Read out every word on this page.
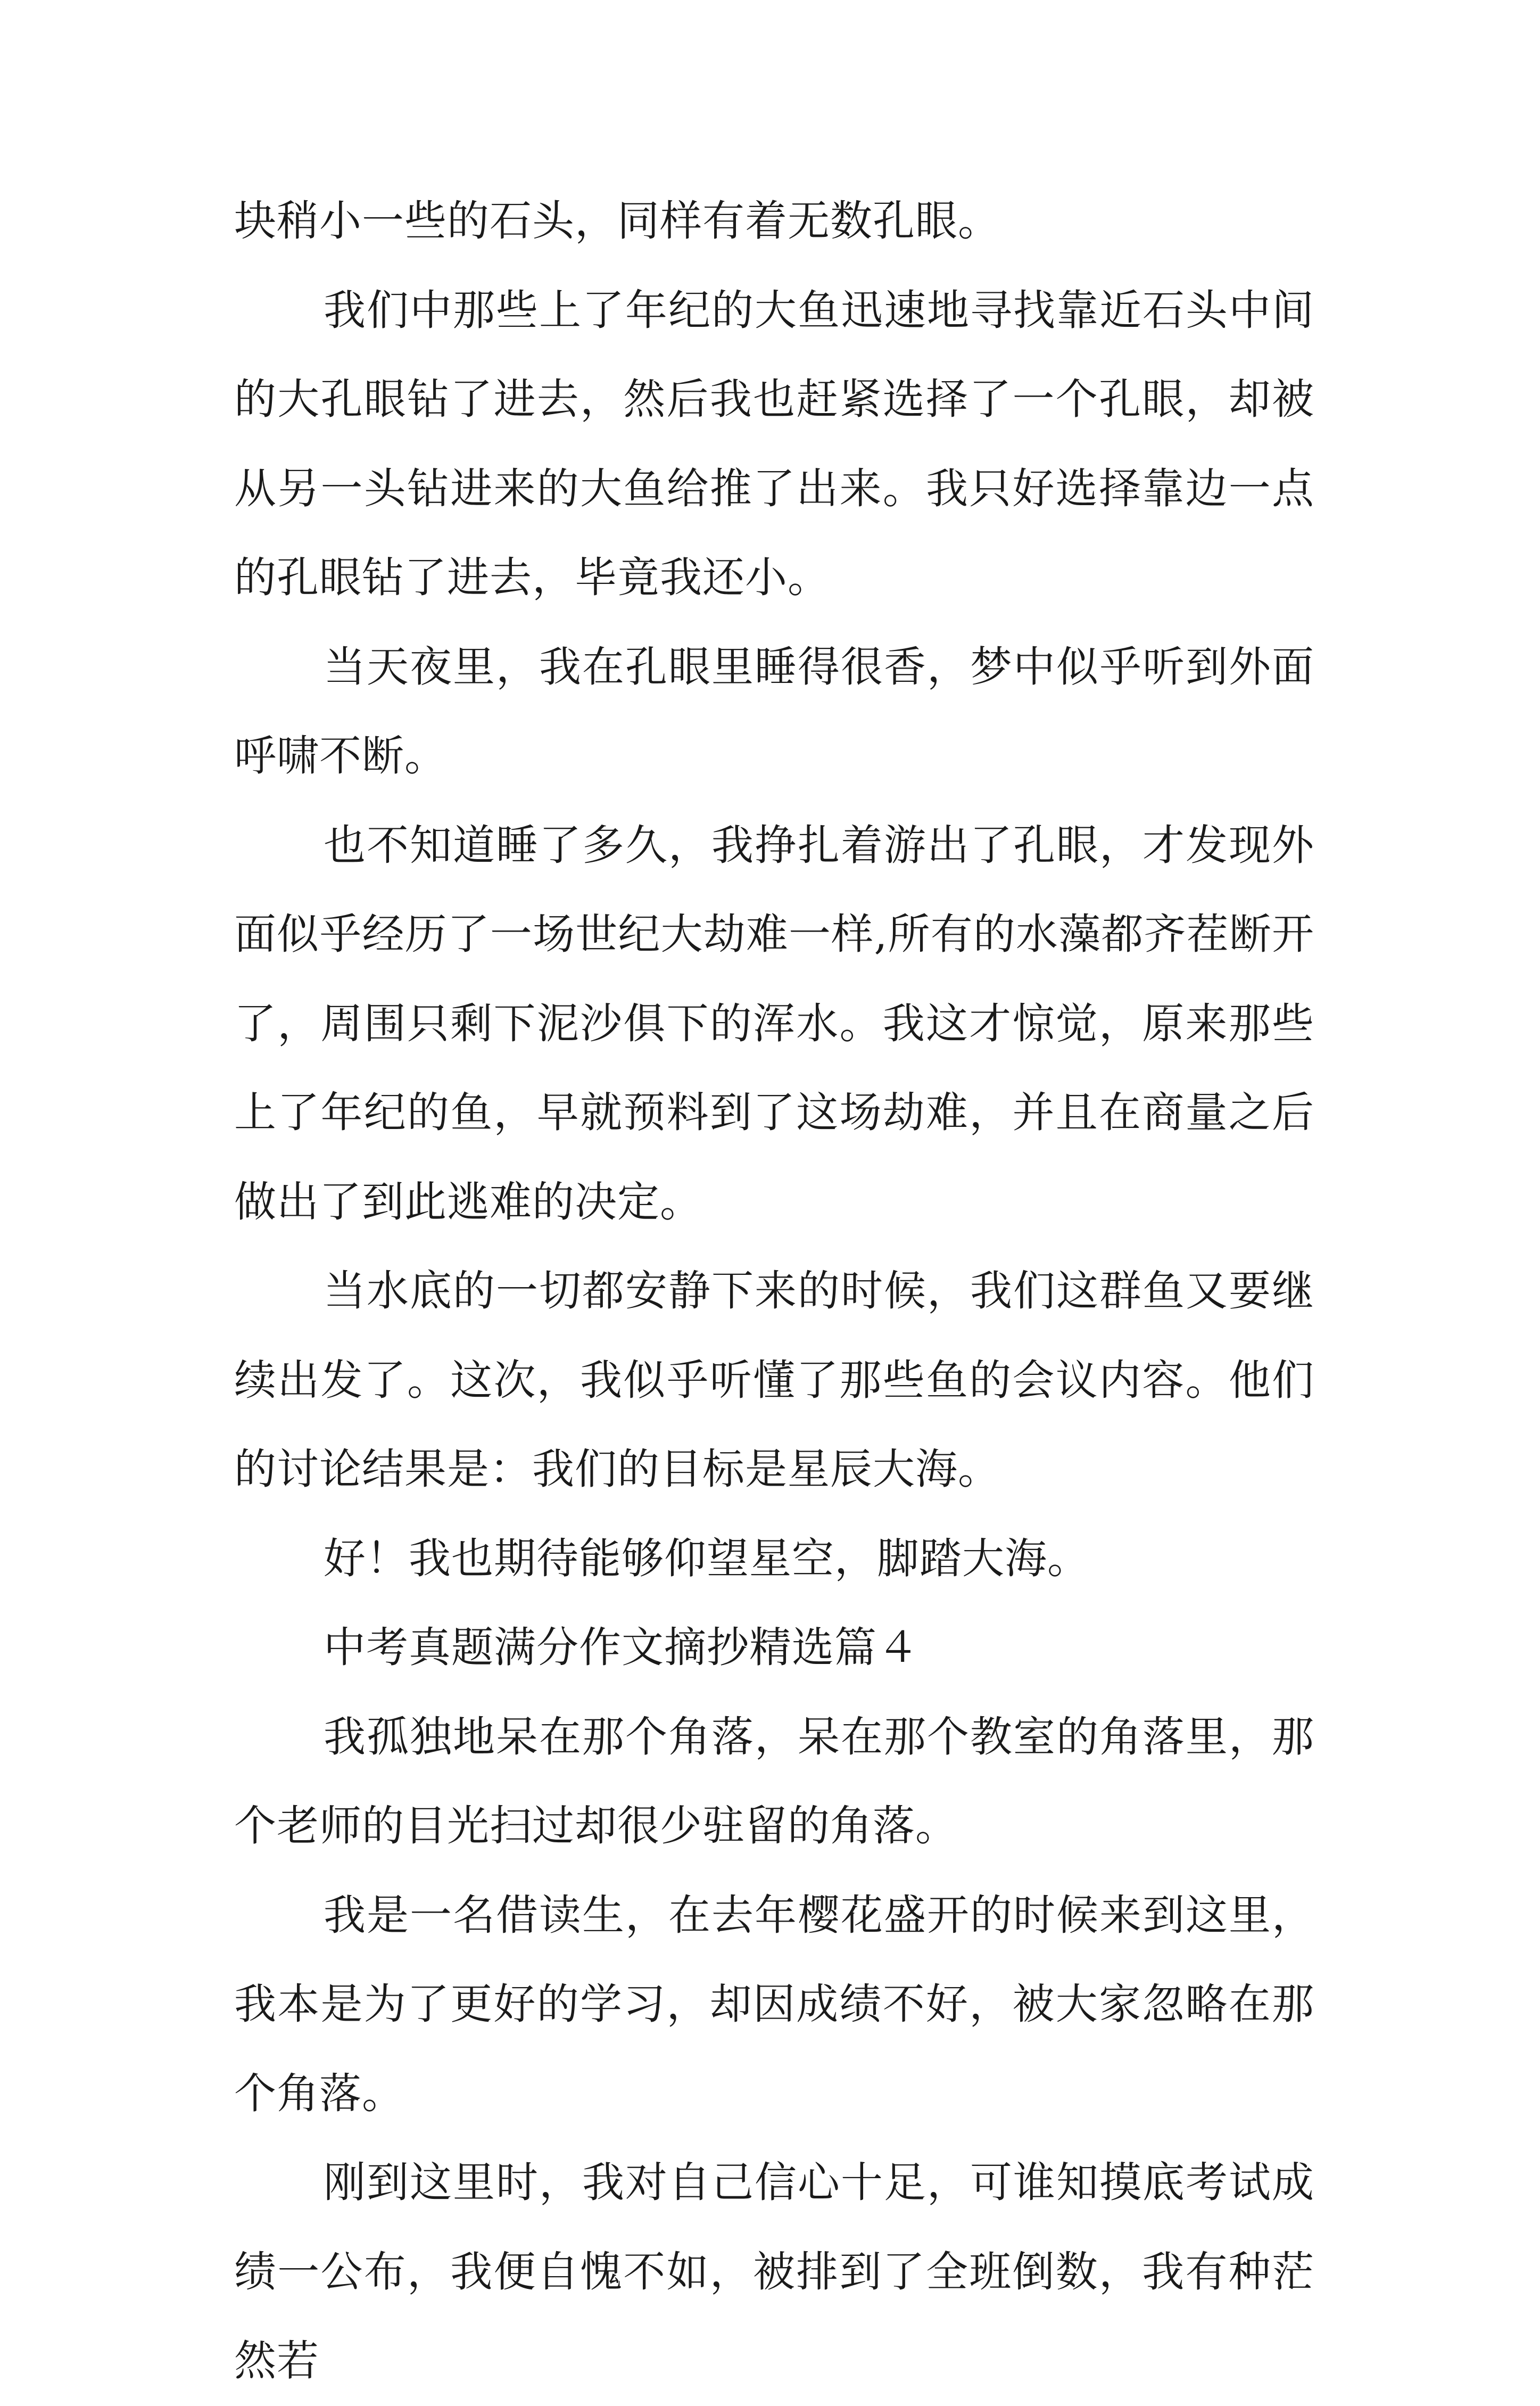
块稍小一些的石头，同样有着无数孔眼。

我们中那些上了年纪的大鱼迅速地寻找靠近石头中间的大孔眼钻了进去，然后我也赶紧选择了一个孔眼，却被从另一头钻进来的大鱼给推了出来。我只好选择靠边一点的孔眼钻了进去，毕竟我还小。

当天夜里，我在孔眼里睡得很香，梦中似乎听到外面呼啸不断。

也不知道睡了多久，我挣扎着游出了孔眼，才发现外面似乎经历了一场世纪大劫难一样,所有的水藻都齐茬断开了，周围只剩下泥沙俱下的浑水。我这才惊觉，原来那些上了年纪的鱼，早就预料到了这场劫难，并且在商量之后做出了到此逃难的决定。

当水底的一切都安静下来的时候，我们这群鱼又要继续出发了。这次，我似乎听懂了那些鱼的会议内容。他们的讨论结果是：我们的目标是星辰大海。

好！我也期待能够仰望星空，脚踏大海。

中考真题满分作文摘抄精选篇４

我孤独地呆在那个角落，呆在那个教室的角落里，那个老师的目光扫过却很少驻留的角落。

我是一名借读生，在去年樱花盛开的时候来到这里，我本是为了更好的学习，却因成绩不好，被大家忽略在那个角落。

刚到这里时，我对自己信心十足，可谁知摸底考试成绩一公布，我便自愧不如，被排到了全班倒数，我有种茫然若
